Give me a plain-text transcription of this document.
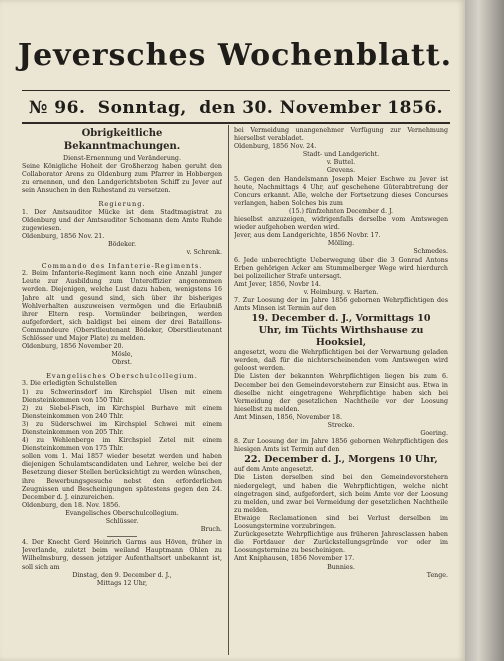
Jeversches Wochenblatt.
№ 96. Sonntag, den 30. November 1856.

Obrigkeitliche Bekanntmachungen.

Dienst-Ernennung und Veränderung.

Seine Königliche Hoheit der Großherzog haben geruht den Collaborator Arens zu Oldenburg zum Pfarrer in Hobbergen zu ernennen, und den Landgerichtsboten Schiff zu Jever auf sein Ansuchen in den Ruhestand zu versetzen.

Regierung.

1. Der Amtsauditor Mücke ist dem Stadtmagistrat zu Oldenburg und der Amtsauditor Schomann dem Amte Ruhde zugewiesen.

Oldenburg, 1856 Nov. 21.

Bödeker.

v. Schrenk.

Commando des Infanterie-Regiments.

2. Beim Infanterie-Regiment kann noch eine Anzahl junger Leute zur Ausbildung zum Unteroffizier angenommen werden. Diejenigen, welche Lust dazu haben, wenigstens 16 Jahre alt und gesund sind, sich über ihr bisheriges Wohlverhalten auszuweisen vermögen und die Erlaubniß ihrer Eltern resp. Vormünder beibringen, werden aufgefordert, sich baldigst bei einem der drei Bataillons-Commandeure (Oberstlieutenant Bödeker, Oberstlieutenant Schlösser und Major Plate) zu melden.

Oldenburg, 1856 November 20.

Mösle,

Obrst.

Evangelisches Oberschulcollegium.

3. Die erledigten Schulstellen

1) zu Schwerinsdorf im Kirchspiel Ulsen mit einem Diensteinkommen von 150 Thlr.

2) zu Siebel-Fisch, im Kirchspiel Burhave mit einem Diensteinkommen von 240 Thlr.

3) zu Süderschwei im Kirchspiel Schwei mit einem Diensteinkommen von 205 Thlr.

4) zu Wehlenberge im Kirchspiel Zetel mit einem Diensteinkommen von 175 Thlr.

sollen vom 1. Mai 1857 wieder besetzt werden und haben diejenigen Schulamtscandidaten und Lehrer, welche bei der Besetzung dieser Stellen berücksichtigt zu werden wünschen, ihre Bewerbungsgesuche nebst den erforderlichen Zeugnissen und Bescheinigungen spätestens gegen den 24. December d. J. einzureichen.

Oldenburg, den 18. Nov. 1856.

Evangelisches Oberschulcollegium.

Schlüsser.

Bruch.

4. Der Knecht Gerd Heinrich Garms aus Höven, früher in Jeverlande, zuletzt beim weiland Hauptmann Ohlen zu Wilhelmsburg, dessen jetziger Aufenthaltsort unbekannt ist, soll sich am

Dinstag, den 9. December d. J.,

Mittags 12 Uhr,

bei Vermeidung unangenehmer Verfügung zur Vernehmung hierselbst verabladet.

Oldenburg, 1856 Nov. 24.

Stadt- und Landgericht.

v. Buttel.

Grevens.

5. Gegen den Handelsmann Joseph Meier Eschwe zu Jever ist heute, Nachmittags 4 Uhr, auf geschehene Güterabtretung der Concurs erkannt. Alle, welche der Fortsetzung dieses Concurses verlangen, haben Solches bis zum

(15.) fünfzehnten December d. J.

hieselbst anzuzeigen, widrigenfalls derselbe vom Amtswegen wieder aufgehoben werden wird.

Jever, aus dem Landgerichte, 1856 Novbr. 17.

Mölling.

Schmedes.

6. Jede unberechtigte Ueberwegung über die 3 Gonrad Antons Erben gehörigen Acker am Stummelberger Wege wird hierdurch bei polizeilicher Strafe untersagt.

Amt Jever, 1856, Novbr 14.

v. Heimburg. v. Harten.

7. Zur Loosung der im Jahre 1856 gebornen Wehrpflichtigen des Amts Minsen ist Termin auf den

19. December d. J., Vormittags 10

Uhr, im Tüchts Wirthshause zu Hooksiel,

angesetzt, wozu die Wehrpflichtigen bei der Verwarnung geladen werden, daß für die nichterscheinenden vom Amtswegen wird geloost werden.

Die Listen der bekannten Wehrpflichtigen liegen bis zum 6. December bei den Gemeindevorstehern zur Einsicht aus. Etwa in dieselbe nicht eingetragene Wehrpflichtige haben sich bei Vermeidung der gesetzlichen Nachtheile vor der Loosung hieselbst zu melden.

Amt Minsen, 1856, November 18.

Strecke.

Goering.

8. Zur Loosung der im Jahre 1856 gebornen Wehrpflichtigen des hiesigen Amts ist Termin auf den

22. December d. J., Morgens 10 Uhr,

auf dem Amte angesetzt.

Die Listen derselben sind bei den Gemeindevorstehern niedergelegt, und haben die Wehrpflichtigen, welche nicht eingetragen sind, aufgefordert, sich beim Amte vor der Loosung zu melden, und zwar bei Vermeidung der gesetzlichen Nachtheile zu melden.

Etwaige Reclamationen sind bei Verlust derselben im Loosungstermine vorzubringen.

Zurückgesetzte Wehrpflichtige aus früheren Jahresclassen haben die Fortdauer der Zurückstellungsgründe vor oder im Loosungstermine zu bescheinigen.

Amt Kniphausen, 1856 November 17.

Bunnies.

Tenge.
